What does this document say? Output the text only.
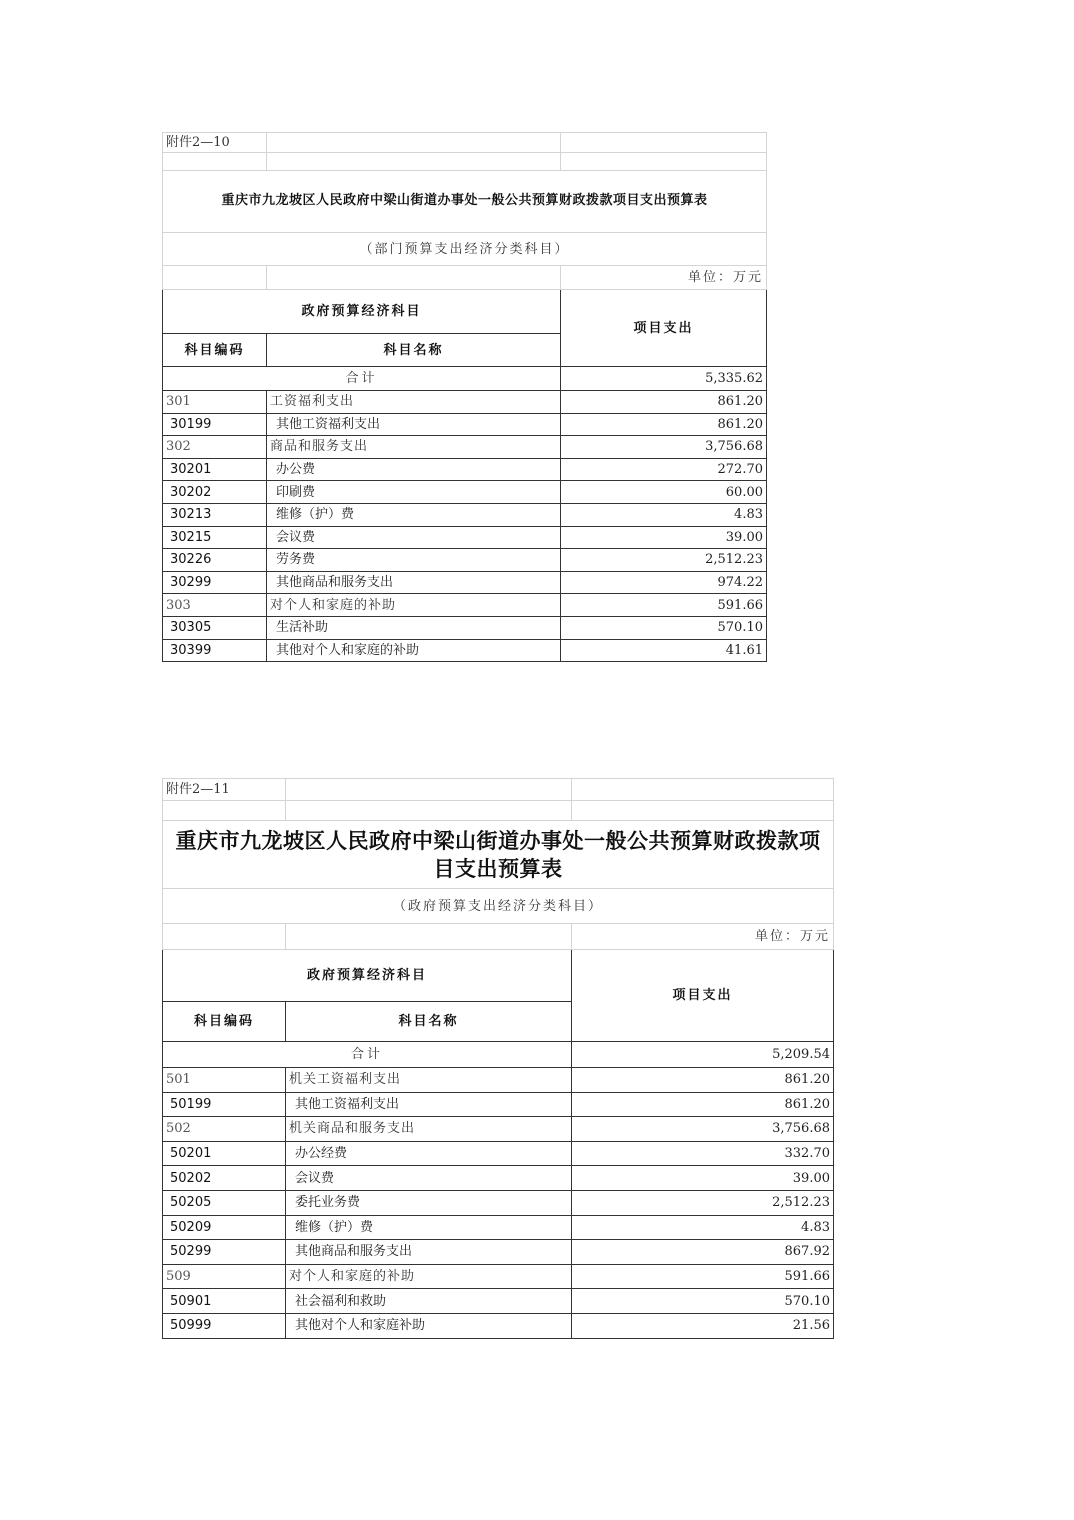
附件2—10		

重庆市九龙坡区人民政府中梁山街道办事处一般公共预算财政拨款项目支出预算表		
（部门预算支出经济分类科目）		
		单位：万元
政府预算经济科目		项目支出
科目编码	科目名称	
合计		5,335.62
301	工资福利支出	861.20
30199	其他工资福利支出	861.20
302	商品和服务支出	3,756.68
30201	办公费	272.70
30202	印刷费	60.00
30213	维修（护）费	4.83
30215	会议费	39.00
30226	劳务费	2,512.23
30299	其他商品和服务支出	974.22
303	对个人和家庭的补助	591.66
30305	生活补助	570.10
30399	其他对个人和家庭的补助	41.61
附件2—11		

重庆市九龙坡区人民政府中梁山街道办事处一般公共预算财政拨款项目支出预算表		
（政府预算支出经济分类科目）		
		单位：万元
政府预算经济科目		项目支出
科目编码	科目名称	
合计		5,209.54
501	机关工资福利支出	861.20
50199	其他工资福利支出	861.20
502	机关商品和服务支出	3,756.68
50201	办公经费	332.70
50202	会议费	39.00
50205	委托业务费	2,512.23
50209	维修（护）费	4.83
50299	其他商品和服务支出	867.92
509	对个人和家庭的补助	591.66
50901	社会福利和救助	570.10
50999	其他对个人和家庭补助	21.56
